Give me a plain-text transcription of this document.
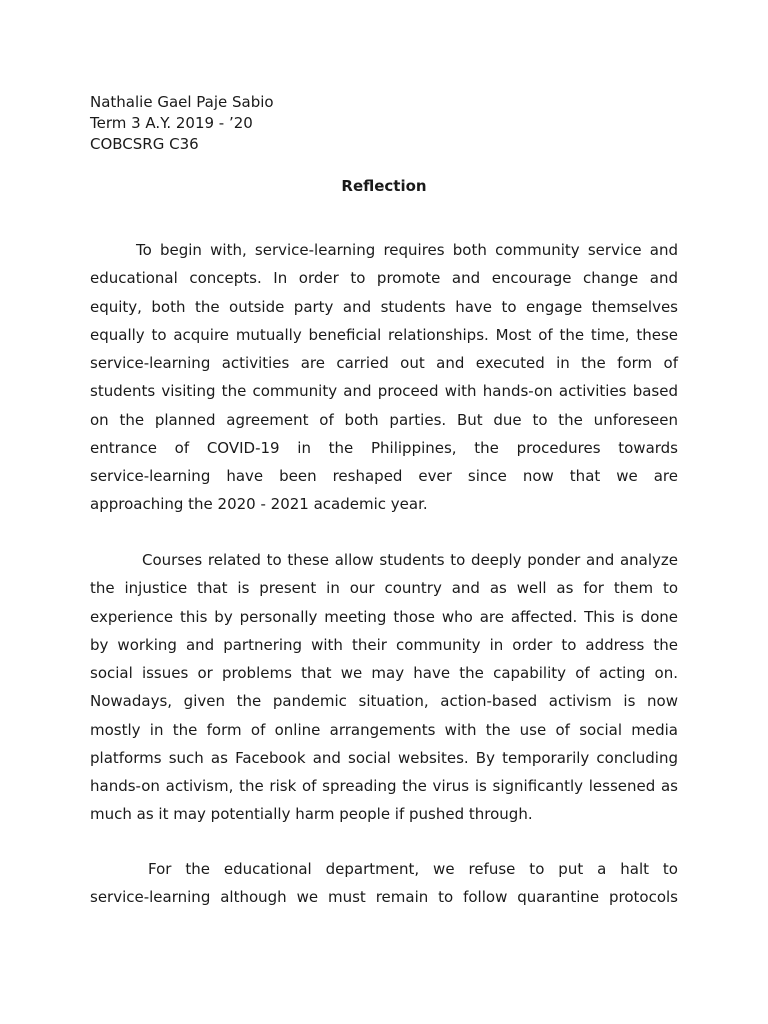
Nathalie Gael Paje Sabio
Term 3 A.Y. 2019 - ’20
COBCSRG C36
Reflection
To begin with, service-learning requires both community service and
educational concepts. In order to promote and encourage change and
equity, both the outside party and students have to engage themselves
equally to acquire mutually beneficial relationships. Most of the time, these
service-learning activities are carried out and executed in the form of
students visiting the community and proceed with hands-on activities based
on the planned agreement of both parties. But due to the unforeseen
entrance of COVID-19 in the Philippines, the procedures towards
service-learning have been reshaped ever since now that we are
approaching the 2020 - 2021 academic year.
Courses related to these allow students to deeply ponder and analyze
the injustice that is present in our country and as well as for them to
experience this by personally meeting those who are affected. This is done
by working and partnering with their community in order to address the
social issues or problems that we may have the capability of acting on.
Nowadays, given the pandemic situation, action-based activism is now
mostly in the form of online arrangements with the use of social media
platforms such as Facebook and social websites. By temporarily concluding
hands-on activism, the risk of spreading the virus is significantly lessened as
much as it may potentially harm people if pushed through.
For the educational department, we refuse to put a halt to
service-learning although we must remain to follow quarantine protocols
